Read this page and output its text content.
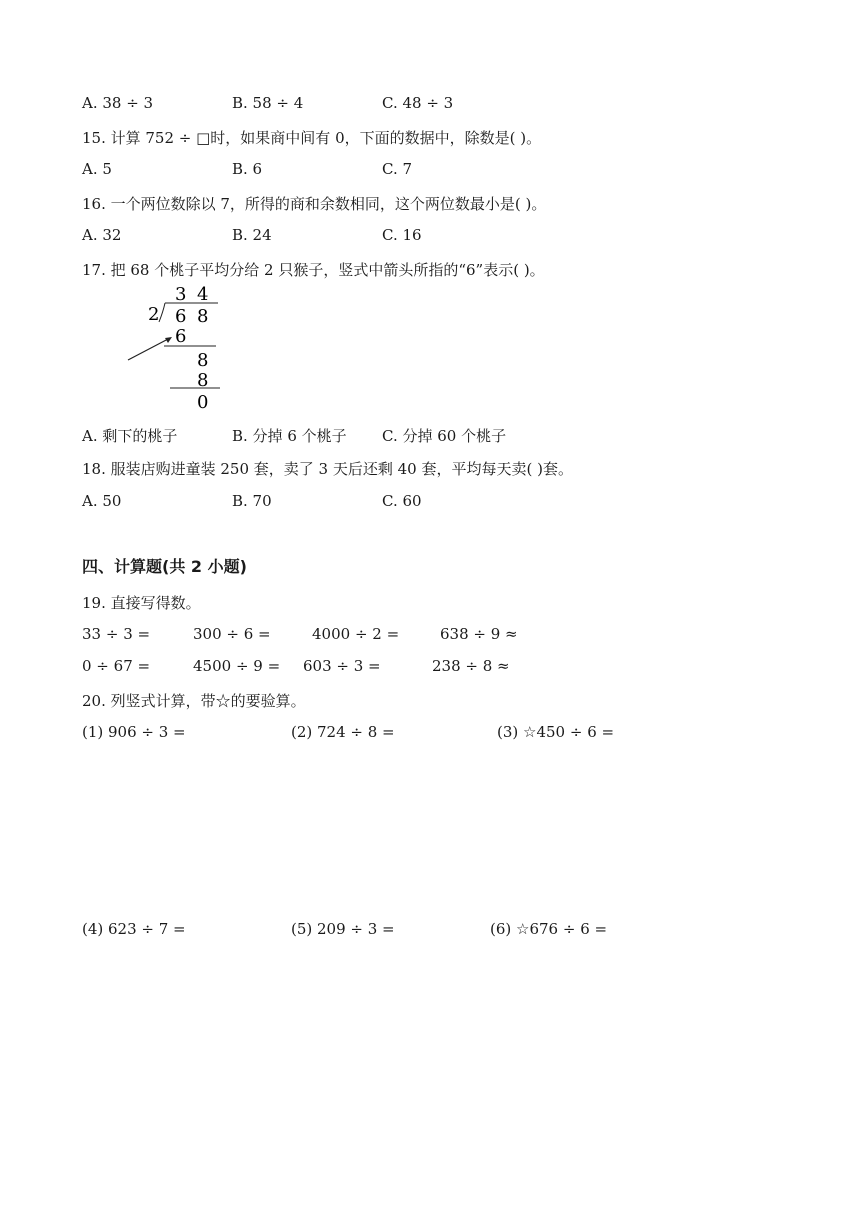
A. 38 ÷ 3	B. 58 ÷ 4	C. 48 ÷ 3
15. 计算 752 ÷ □时，如果商中间有 0，下面的数据中，除数是( )。
A. 5	B. 6	C. 7
16. 一个两位数除以 7，所得的商和余数相同，这个两位数最小是( )。
A. 32	B. 24	C. 16
17. 把 68 个桃子平均分给 2 只猴子，竖式中箭头所指的“6”表示( )。
3 4
2 6 8
6
8
8
0
A. 剩下的桃子	B. 分掉 6 个桃子 C. 分掉 60 个桃子
18. 服装店购进童装 250 套，卖了 3 天后还剩 40 套，平均每天卖( )套。
A. 50	B. 70	C. 60
四、计算题(共 2 小题)
19. 直接写得数。
33 ÷ 3 =	300 ÷ 6 =	4000 ÷ 2 =	638 ÷ 9 ≈
0 ÷ 67 =	4500 ÷ 9 = 603 ÷ 3 =	238 ÷ 8 ≈
20. 列竖式计算，带☆的要验算。
(1) 906 ÷ 3 =	(2) 724 ÷ 8 =	(3) ☆450 ÷ 6 =
(4) 623 ÷ 7 =	(5) 209 ÷ 3 =	(6) ☆676 ÷ 6 =
